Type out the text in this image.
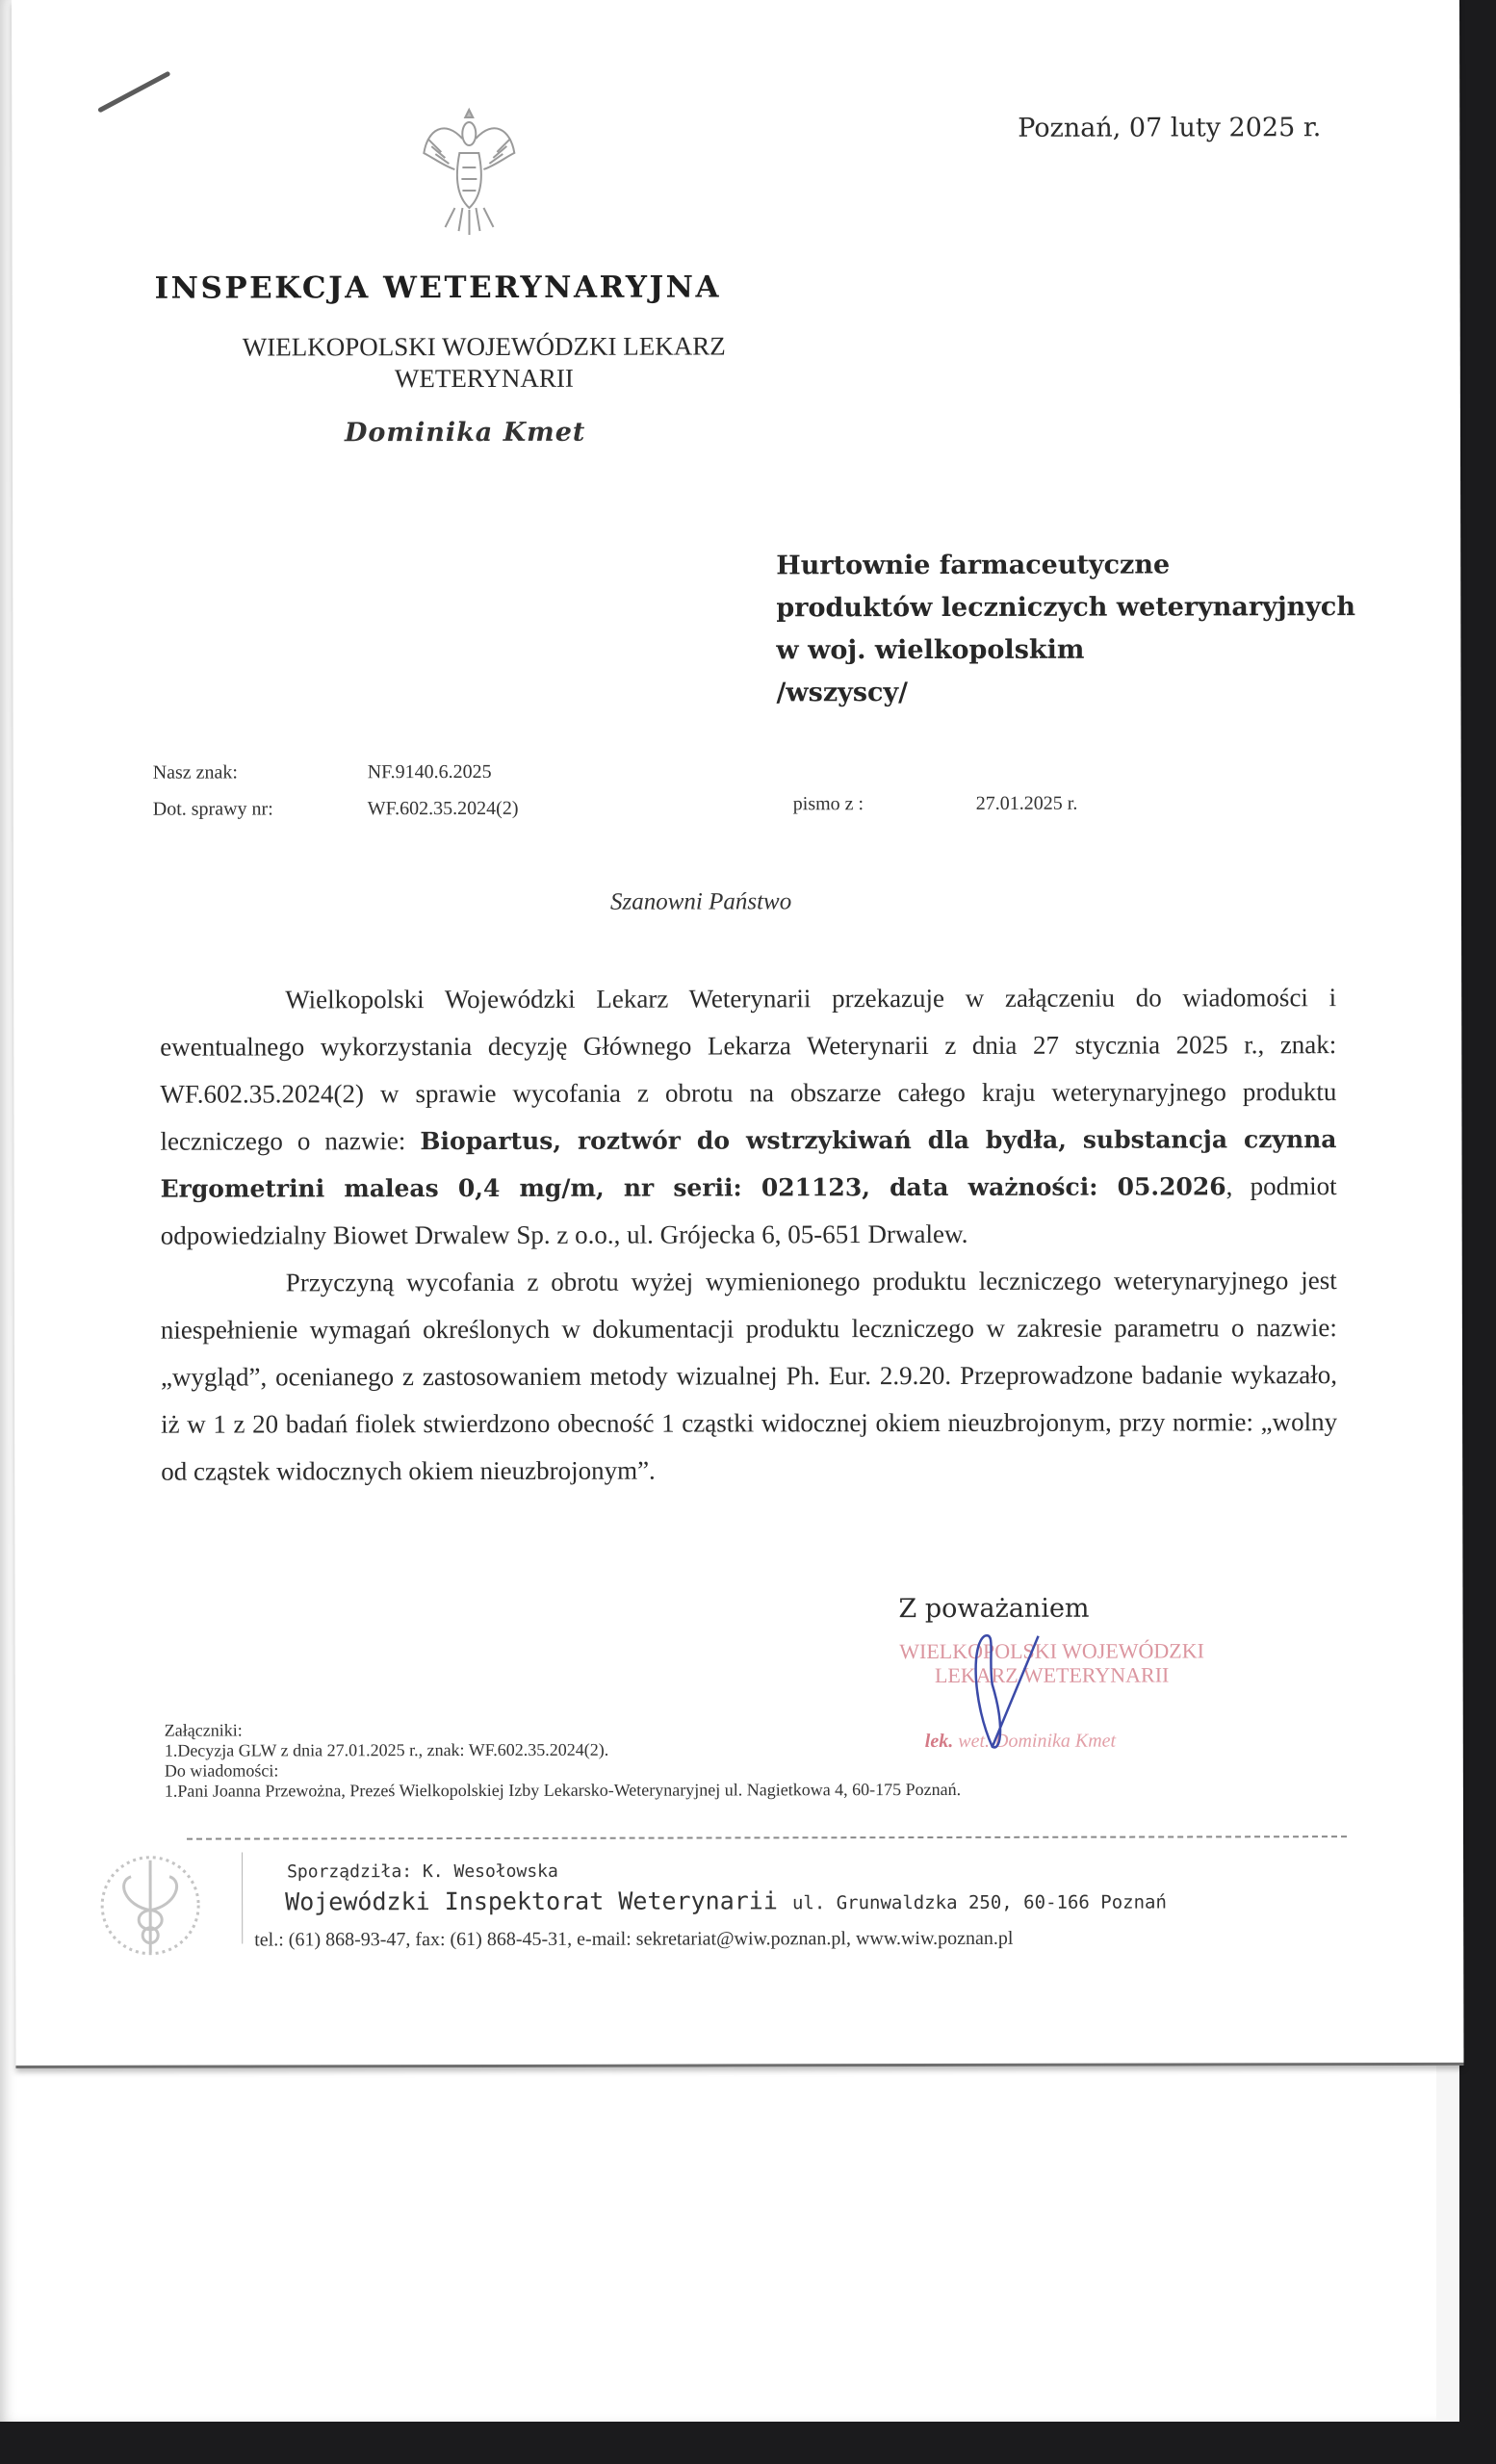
INSPEKCJA WETERYNARYJNA
WIELKOPOLSKI WOJEWÓDZKI LEKARZ
WETERYNARII
Dominika Kmet
Poznań, 07 luty 2025 r.
Hurtownie farmaceutyczne
produktów leczniczych weterynaryjnych
w woj. wielkopolskim
/wszyscy/
Nasz znak:	NF.9140.6.2025
Dot. sprawy nr:	WF.602.35.2024(2)	pismo z :	27.01.2025 r.
Szanowni Państwo

Wielkopolski Wojewódzki Lekarz Weterynarii przekazuje w załączeniu do wiadomości i ewentualnego wykorzystania decyzję Głównego Lekarza Weterynarii z dnia 27 stycznia 2025 r., znak: WF.602.35.2024(2) w sprawie wycofania z obrotu na obszarze całego kraju weterynaryjnego produktu leczniczego o nazwie: Biopartus, roztwór do wstrzykiwań dla bydła, substancja czynna Ergometrini maleas 0,4 mg/m, nr serii: 021123, data ważności: 05.2026, podmiot odpowiedzialny Biowet Drwalew Sp. z o.o., ul. Grójecka 6, 05-651 Drwalew.

Przyczyną wycofania z obrotu wyżej wymienionego produktu leczniczego weterynaryjnego jest niespełnienie wymagań określonych w dokumentacji produktu leczniczego w zakresie parametru o nazwie: „wygląd”, ocenianego z zastosowaniem metody wizualnej Ph. Eur. 2.9.20. Przeprowadzone badanie wykazało, iż w 1 z 20 badań fiolek stwierdzono obecność 1 cząstki widocznej okiem nieuzbrojonym, przy normie: „wolny od cząstek widocznych okiem nieuzbrojonym”.

Z poważaniem
WIELKOPOLSKI WOJEWÓDZKI
LEKARZ WETERYNARII
lek. wet. Dominika Kmet
Załączniki:
1.Decyzja GLW z dnia 27.01.2025 r., znak: WF.602.35.2024(2).
Do wiadomości:
1.Pani Joanna Przewożna, Preześ Wielkopolskiej Izby Lekarsko-Weterynaryjnej ul. Nagietkowa 4, 60-175 Poznań.
Sporządziła: K. Wesołowska
Wojewódzki Inspektorat Weterynarii ul. Grunwaldzka 250, 60-166 Poznań
tel.: (61) 868-93-47, fax: (61) 868-45-31, e-mail: sekretariat@wiw.poznan.pl, www.wiw.poznan.pl
